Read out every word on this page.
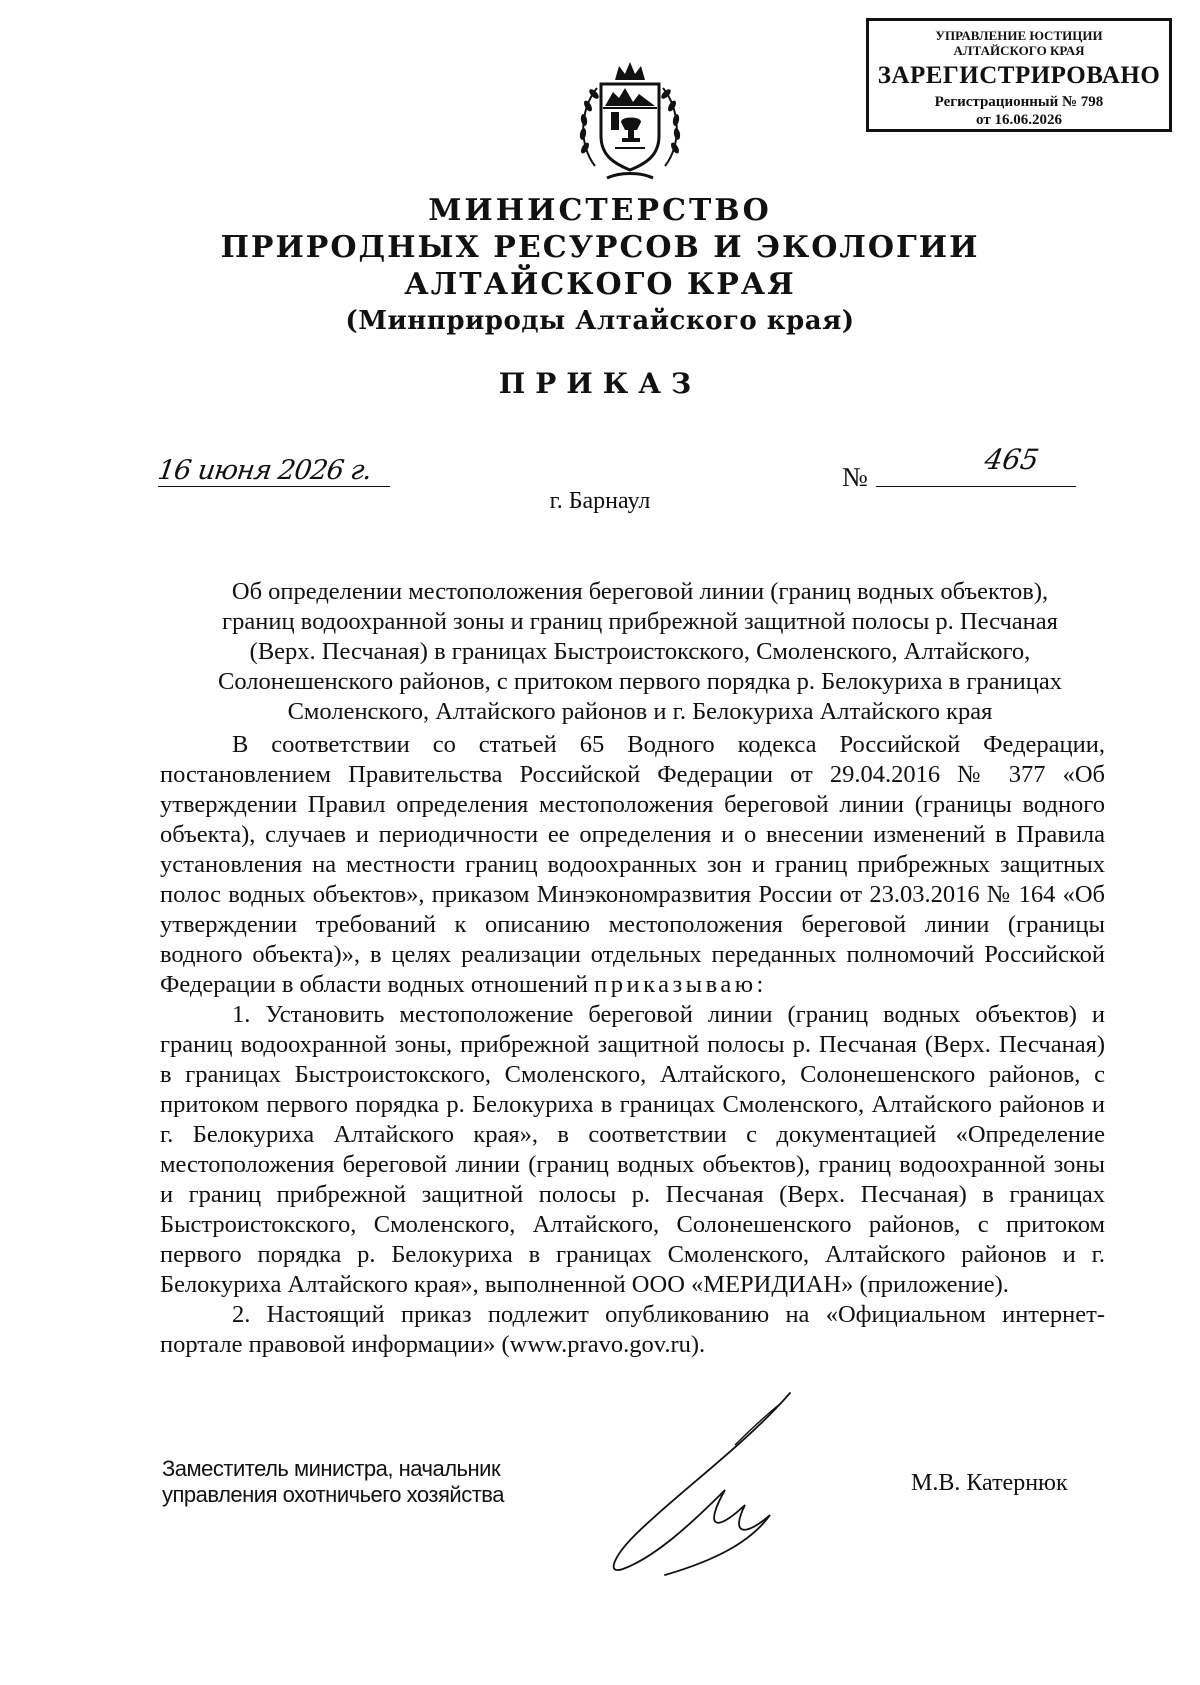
УПРАВЛЕНИЕ ЮСТИЦИИ
АЛТАЙСКОГО КРАЯ
ЗАРЕГИСТРИРОВАНО
Регистрационный № 798
от 16.06.2026
МИНИСТЕРСТВО
ПРИРОДНЫХ РЕСУРСОВ И ЭКОЛОГИИ
АЛТАЙСКОГО КРАЯ
(Минприроды Алтайского края)
ПРИКАЗ
16 июня 2026 г.	№
465
г. Барнаул
Об определении местоположения береговой линии (границ водных объектов),
границ водоохранной зоны и границ прибрежной защитной полосы р. Песчаная
(Верх. Песчаная) в границах Быстроистокского, Смоленского, Алтайского,
Солонешенского районов, с притоком первого порядка р. Белокуриха в границах
Смоленского, Алтайского районов и г. Белокуриха Алтайского края

В соответствии со статьей 65 Водного кодекса Российской Федерации, постановлением Правительства Российской Федерации от 29.04.2016 № 377 «Об утверждении Правил определения местоположения береговой линии (границы водного объекта), случаев и периодичности ее определения и о внесении изменений в Правила установления на местности границ водоохранных зон и границ прибрежных защитных полос водных объектов», приказом Минэкономразвития России от 23.03.2016 № 164 «Об утверждении требований к описанию местоположения береговой линии (границы водного объекта)», в целях реализации отдельных переданных полномочий Российской Федерации в области водных отношений приказываю:

1. Установить местоположение береговой линии (границ водных объектов) и границ водоохранной зоны, прибрежной защитной полосы р. Песчаная (Верх. Песчаная) в границах Быстроистокского, Смоленского, Алтайского, Солонешенского районов, с притоком первого порядка р. Белокуриха в границах Смоленского, Алтайского районов и г. Белокуриха Алтайского края», в соответствии с документацией «Определение местоположения береговой линии (границ водных объектов), границ водоохранной зоны и границ прибрежной защитной полосы р. Песчаная (Верх. Песчаная) в границах Быстроистокского, Смоленского, Алтайского, Солонешенского районов, с притоком первого порядка р. Белокуриха в границах Смоленского, Алтайского районов и г. Белокуриха Алтайского края», выполненной ООО «МЕРИДИАН» (приложение).

2. Настоящий приказ подлежит опубликованию на «Официальном интернет-портале правовой информации» (www.pravo.gov.ru).

Заместитель министра, начальник
управления охотничьего хозяйства	М.В. Катернюк
